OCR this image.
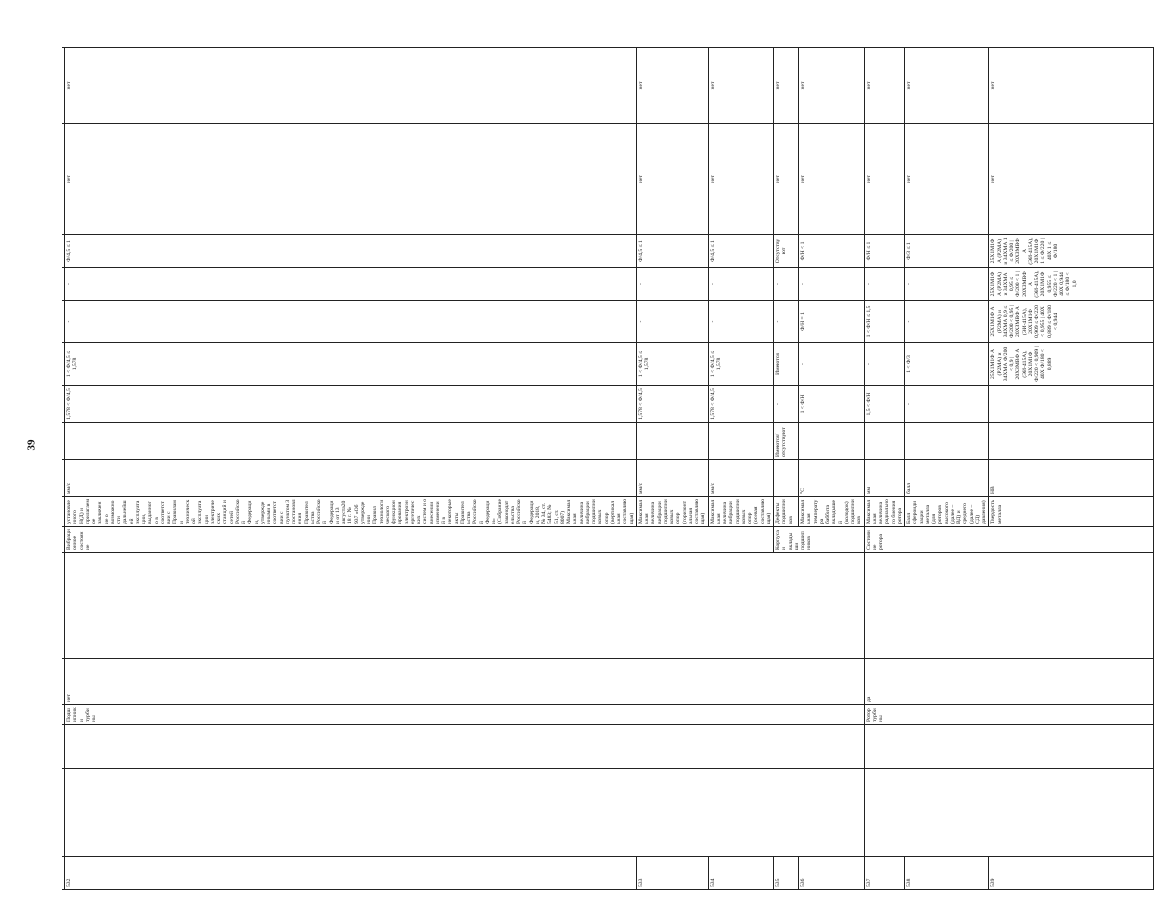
39

532			Подшипник и турбины	нет		Вибрационное состояние	установленного Н(Д) и прилагаемое заключение о возможности дальнейшей эксплуатации, выданного в соответствии с Правилами технической эксплуатации электрических станций и сетей Российской Федерации, утвержденными в соответствии с пунктом 3 постановления Правительства Российской Федерации от 13 августа2018 г. № 937 «Об утверждении Правил технологического функционирования электроэнергетических систем и о внесении изменений в некоторые акты Правительства Российской Федерации» (Собрание законодательства Российской Федерации, 2018, № 34, ст. 5483; № 51, ст. 8007) Максимальная величина вибрации подшипниковых опор (вертикальная составляющая)	мм/с		1,578 < Ф/4,5	1 < Ф/4,5 ≤ 1,578	-	-	Ф/4,5 ≤ 1	нет	нет			
533							Максимальная величина вибрации подшипниковых опор (горизонтальная составляющая)	мм/с		1,578 < Ф/4,5	1 < Ф/4,5 ≤ 1,578	-	-	Ф/4,5 ≤ 1	нет	нет	
534							Максимальная величина вибрации подшипниковых опор (осевая составляющая)	мм/с		1,578 < Ф/4,5	1 < Ф/4,5 ≤ 1,578	-	-	Ф/4,5 ≤ 1	нет	нет	
535						Корпуса и вкладыши подшипников	Дефекты подшипников		Имеются/ отсутствуют	-	Имеются	-	-	Отсутству ют	нет	нет			
536							Максимальная температура баббита вкладышей (колодок) подшипников	°С		1 < Ф/Н	-	Ф/Н = 1	-	Ф/Н < 1	нет	нет	
537			Ротор турбины	да		Состояние ротора	Максимальная величина радиального биения ротора	мм		1,5 < Ф/Н	-	1 < Ф/Н ≤ 1,5	-	Ф/Н ≤ 1	нет	нет			
538							Балл сфероидизации металла (для роторов высокого (далее – ВД) и среднего (далее – СД) давления)	балл		-	1 < Ф/3	-	-	Ф/3 ≤ 1	нет	нет	
539							Твердость металла	НВ			25Х1М1Ф А (Р2МА) и 34ХМА Ф/200 < 0,9 | 20ХЗМВФ А (ЭИ-415А), 20Х1М1Ф Ф/220 < 0,909 | 40Х Ф/180 < 0,889	25Х1М1Ф А (Р2МА) и 34ХМА 0,9 ≤ Ф/200 < 0,95 | 20ХЗМВФ А (ЭИ-415А), 20Х1М1Ф 0,909 ≤ Ф/220 < 0,955 | 40Х 0,889 ≤ Ф/180 < 0,944	25Х1М1Ф А (Р2МА) и 34ХМА 0,95 ≤ Ф/200 < 1 | 20ХЗМВФ А (ЭИ-415А), 20Х1М1Ф 0,955 ≤ Ф/220 < 1 | 40Х 0,944 ≤ Ф/180 < 1,0	25Х1М1Ф А (Р2МА) и 34ХМА 1 ≤ Ф/200 | 20ХЗМВФ А (ЭИ-415А), 20Х1М1Ф 1 ≤ Ф/220 | 40Х 1 ≤ Ф/180	нет	нет	
